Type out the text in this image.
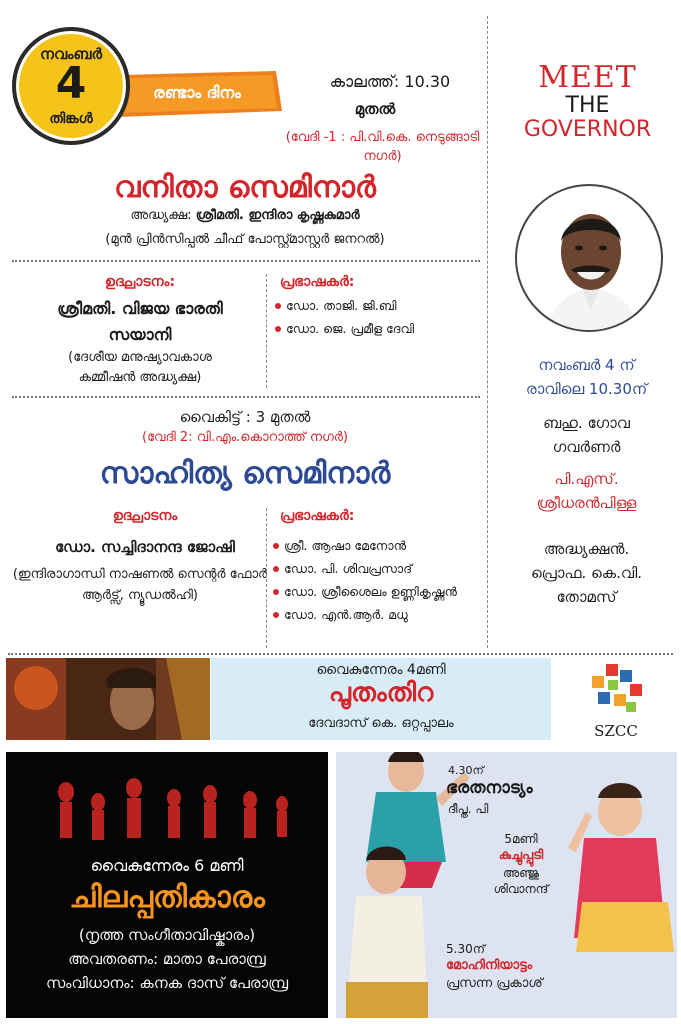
രണ്ടാം ദിനം
നവംബർ
4
തിങ്കൾ
കാലത്ത്: 10.30
മുതൽ
(വേദി -1 : പി.വി.കെ. നെടുങ്ങാടി നഗർ)
വനിതാ സെമിനാർ
അദ്ധ്യക്ഷ: ശ്രീമതി. ഇന്ദിരാ കൃഷ്ണകുമാർ
(മുൻ പ്രിൻസിപ്പൽ ചീഫ് പോസ്റ്റ്മാസ്റ്റർ ജനറൽ)
ഉദ്ഘാടനം:
ശ്രീമതി. വിജയ ഭാരതി സയാനി
(ദേശീയ മനുഷ്യാവകാശ കമ്മീഷൻ അദ്ധ്യക്ഷ)
പ്രഭാഷകർ:
ഡോ. താജി. ജി.ബി
ഡോ. ജെ. പ്രമീള ദേവി
വൈകിട്ട് : 3 മുതൽ
(വേദി 2: വി.എം.കൊറാത്ത് നഗർ)
സാഹിത്യ സെമിനാർ
ഉദ്ഘാടനം
ഡോ. സച്ചിദാനന്ദ ജോഷി
(ഇന്ദിരാഗാന്ധി നാഷണൽ സെന്റർ ഫോർ ആർട്സ്, ന്യൂഡൽഹി)
പ്രഭാഷകർ:
ശ്രീ. ആഷാ മേനോൻ
ഡോ. പി. ശിവപ്രസാദ്
ഡോ. ശ്രീശൈലം ഉണ്ണികൃഷ്ണൻ
ഡോ. എൻ.ആർ. മധു
MEET
THE
GOVERNOR
നവംബർ 4 ന്
രാവിലെ 10.30ന്
ബഹു. ഗോവ
ഗവർണർ
പി.എസ്.
ശ്രീധരൻപിള്ള
അദ്ധ്യക്ഷൻ.
പ്രൊഫ. കെ.വി.
തോമസ്
വൈകുന്നേരം 4മണി
പൂതംതിറ
ദേവദാസ് കെ. ഒറ്റപ്പാലം	SZCC
വൈകുന്നേരം 6 മണി
ചിലപ്പതികാരം
(നൃത്ത സംഗീതാവിഷ്കാരം)
അവതരണം: മാതാ പേരാമ്പ്ര
സംവിധാനം: കനക ദാസ് പേരാമ്പ്ര
4.30ന്
ഭരതനാട്യം
ദീപ്ത. പി
5മണി
കുച്ചുപ്പുടി
അഞ്ജു
ശിവാനന്ദ്
5.30ന്
മോഹിനിയാട്ടം
പ്രസന്ന പ്രകാശ്
